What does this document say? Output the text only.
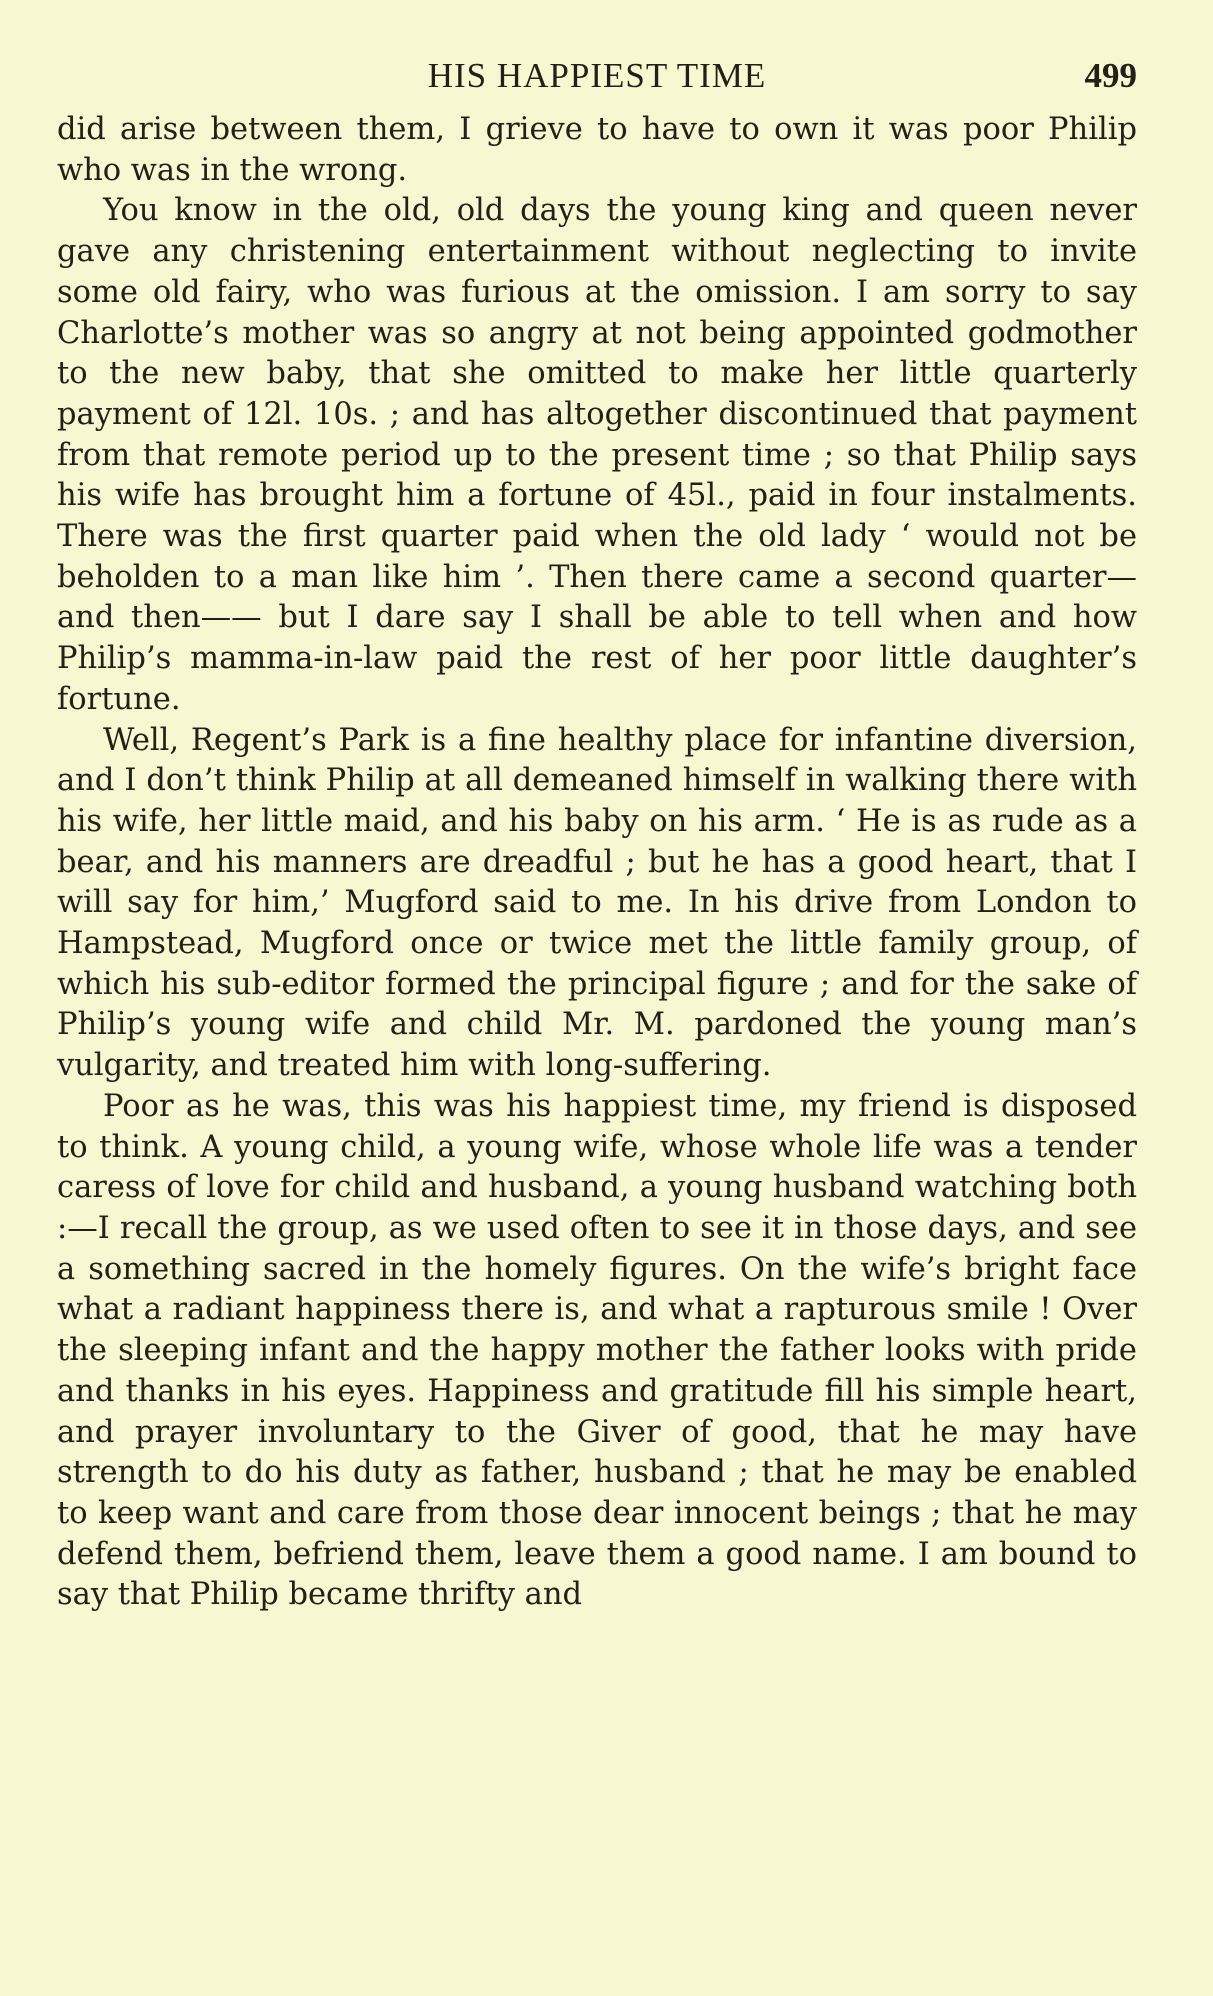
HIS HAPPIEST TIME	499

did arise between them, I grieve to have to own it was poor Philip who was in the wrong.

You know in the old, old days the young king and queen never gave any christening entertainment without neglecting to invite some old fairy, who was furious at the omission. I am sorry to say Charlotte’s mother was so angry at not being appointed godmother to the new baby, that she omitted to make her little quarterly payment of 12l. 10s. ; and has altogether discontinued that payment from that remote period up to the present time ; so that Philip says his wife has brought him a fortune of 45l., paid in four instalments. There was the first quarter paid when the old lady ‘ would not be beholden to a man like him ’. Then there came a second quarter—and then—— but I dare say I shall be able to tell when and how Philip’s mamma-in-law paid the rest of her poor little daughter’s fortune.

Well, Regent’s Park is a fine healthy place for infantine diversion, and I don’t think Philip at all demeaned himself in walking there with his wife, her little maid, and his baby on his arm. ‘ He is as rude as a bear, and his manners are dreadful ; but he has a good heart, that I will say for him,’ Mugford said to me. In his drive from London to Hampstead, Mugford once or twice met the little family group, of which his sub-editor formed the principal figure ; and for the sake of Philip’s young wife and child Mr. M. pardoned the young man’s vulgarity, and treated him with long-suffering.

Poor as he was, this was his happiest time, my friend is disposed to think. A young child, a young wife, whose whole life was a tender caress of love for child and husband, a young husband watching both :—I recall the group, as we used often to see it in those days, and see a something sacred in the homely figures. On the wife’s bright face what a radiant happiness there is, and what a rapturous smile ! Over the sleeping infant and the happy mother the father looks with pride and thanks in his eyes. Happiness and gratitude fill his simple heart, and prayer involuntary to the Giver of good, that he may have strength to do his duty as father, husband ; that he may be enabled to keep want and care from those dear innocent beings ; that he may defend them, befriend them, leave them a good name. I am bound to say that Philip became thrifty and
